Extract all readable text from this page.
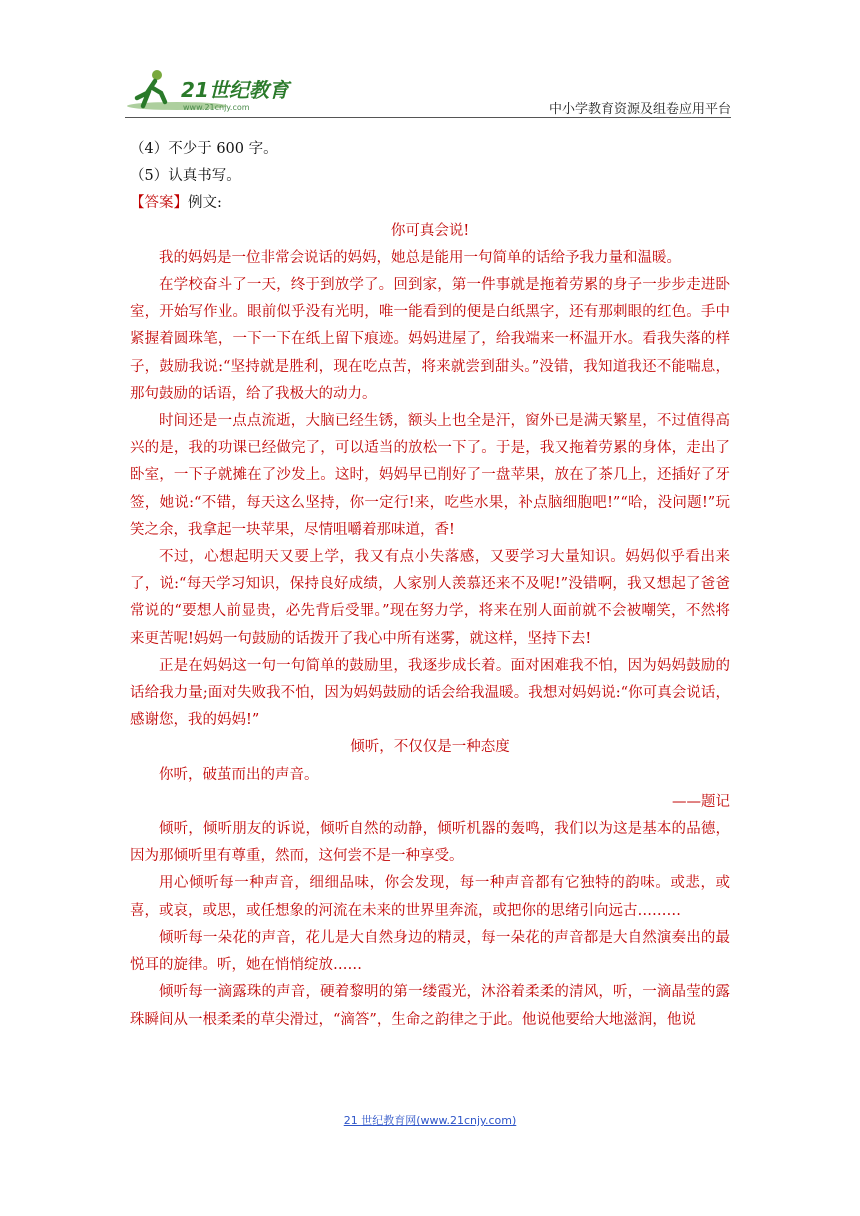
21世纪教育
www.21cnjy.com	中小学教育资源及组卷应用平台

（4）不少于 600 字。

（5）认真书写。

【答案】例文:

你可真会说!

我的妈妈是一位非常会说话的妈妈，她总是能用一句简单的话给予我力量和温暖。

在学校奋斗了一天，终于到放学了。回到家，第一件事就是拖着劳累的身子一步步走进卧室，开始写作业。眼前似乎没有光明，唯一能看到的便是白纸黑字，还有那刺眼的红色。手中紧握着圆珠笔，一下一下在纸上留下痕迹。妈妈进屋了，给我端来一杯温开水。看我失落的样子，鼓励我说:“坚持就是胜利，现在吃点苦，将来就尝到甜头。”没错，我知道我还不能喘息，那句鼓励的话语，给了我极大的动力。

时间还是一点点流逝，大脑已经生锈，额头上也全是汗，窗外已是满天繁星，不过值得高兴的是，我的功课已经做完了，可以适当的放松一下了。于是，我又拖着劳累的身体，走出了卧室，一下子就摊在了沙发上。这时，妈妈早已削好了一盘苹果，放在了茶几上，还插好了牙签，她说:“不错，每天这么坚持，你一定行!来，吃些水果，补点脑细胞吧!”“哈，没问题!”玩笑之余，我拿起一块苹果，尽情咀嚼着那味道，香!

不过，心想起明天又要上学，我又有点小失落感，又要学习大量知识。妈妈似乎看出来了，说:“每天学习知识，保持良好成绩，人家别人羡慕还来不及呢!”没错啊，我又想起了爸爸常说的“要想人前显贵，必先背后受罪。”现在努力学，将来在别人面前就不会被嘲笑，不然将来更苦呢!妈妈一句鼓励的话拨开了我心中所有迷雾，就这样，坚持下去!

正是在妈妈这一句一句简单的鼓励里，我逐步成长着。面对困难我不怕，因为妈妈鼓励的话给我力量;面对失败我不怕，因为妈妈鼓励的话会给我温暖。我想对妈妈说:“你可真会说话，感谢您，我的妈妈!”

倾听，不仅仅是一种态度

你听，破茧而出的声音。

——题记

倾听，倾听朋友的诉说，倾听自然的动静，倾听机器的轰鸣，我们以为这是基本的品德，因为那倾听里有尊重，然而，这何尝不是一种享受。

用心倾听每一种声音，细细品味，你会发现，每一种声音都有它独特的韵味。或悲，或喜，或哀，或思，或任想象的河流在未来的世界里奔流，或把你的思绪引向远古………

倾听每一朵花的声音，花儿是大自然身边的精灵，每一朵花的声音都是大自然演奏出的最悦耳的旋律。听，她在悄悄绽放……

倾听每一滴露珠的声音，硬着黎明的第一缕霞光，沐浴着柔柔的清风，听，一滴晶莹的露珠瞬间从一根柔柔的草尖滑过，“滴答”，生命之韵律之于此。他说他要给大地滋润，他说

21 世纪教育网(www.21cnjy.com)
